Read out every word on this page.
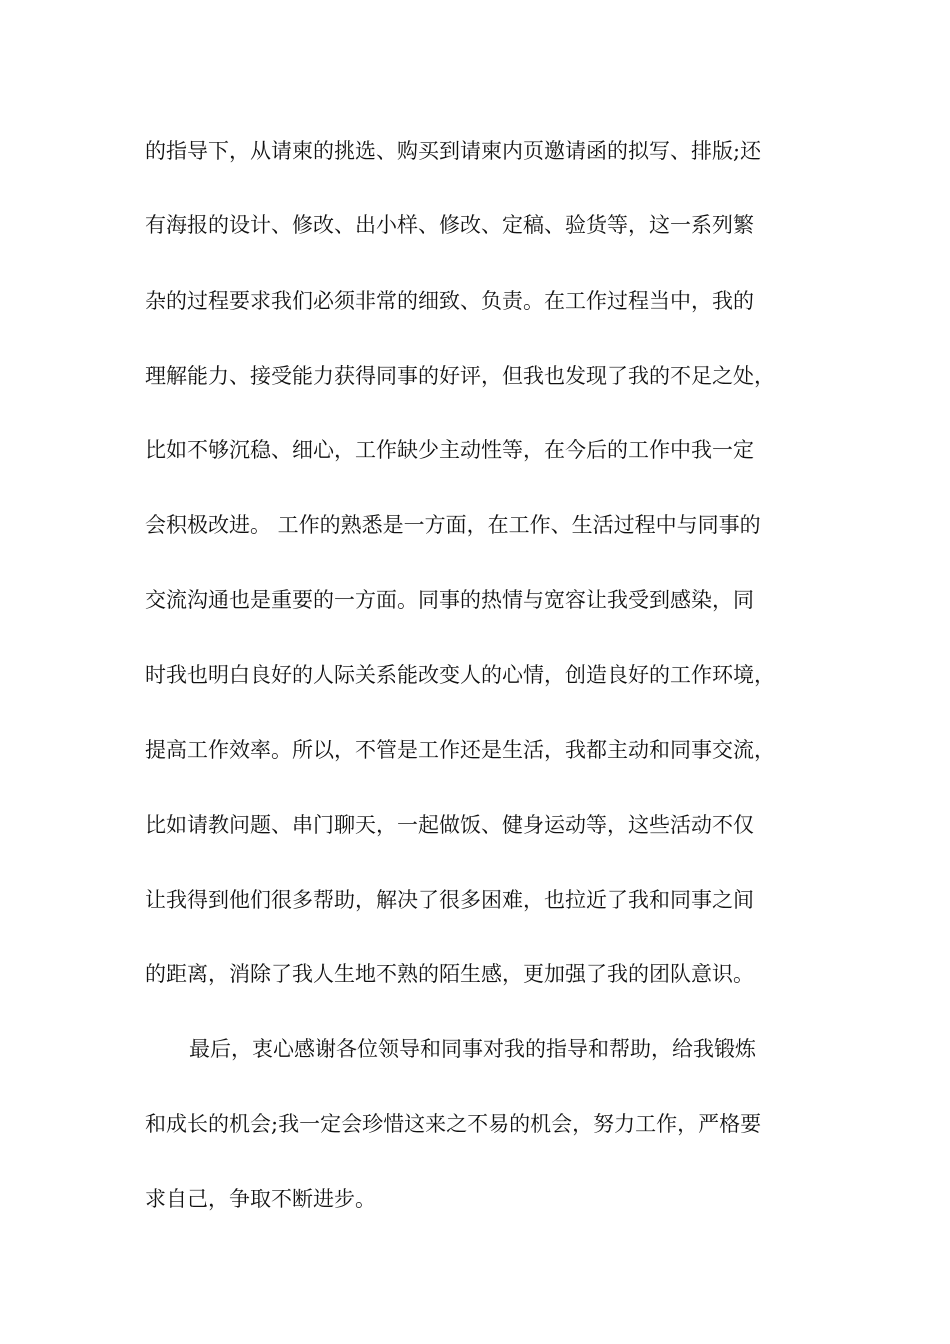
的指导下，从请柬的挑选、购买到请柬内页邀请函的拟写、排版;还
有海报的设计、修改、出小样、修改、定稿、验货等，这一系列繁
杂的过程要求我们必须非常的细致、负责。在工作过程当中，我的
理解能力、接受能力获得同事的好评，但我也发现了我的不足之处，
比如不够沉稳、细心，工作缺少主动性等，在今后的工作中我一定
会积极改进。 工作的熟悉是一方面，在工作、生活过程中与同事的
交流沟通也是重要的一方面。同事的热情与宽容让我受到感染，同
时我也明白良好的人际关系能改变人的心情，创造良好的工作环境，
提高工作效率。所以，不管是工作还是生活，我都主动和同事交流，
比如请教问题、串门聊天，一起做饭、健身运动等，这些活动不仅
让我得到他们很多帮助，解决了很多困难，也拉近了我和同事之间
的距离，消除了我人生地不熟的陌生感，更加强了我的团队意识。
最后，衷心感谢各位领导和同事对我的指导和帮助，给我锻炼
和成长的机会;我一定会珍惜这来之不易的机会，努力工作，严格要
求自己，争取不断进步。
